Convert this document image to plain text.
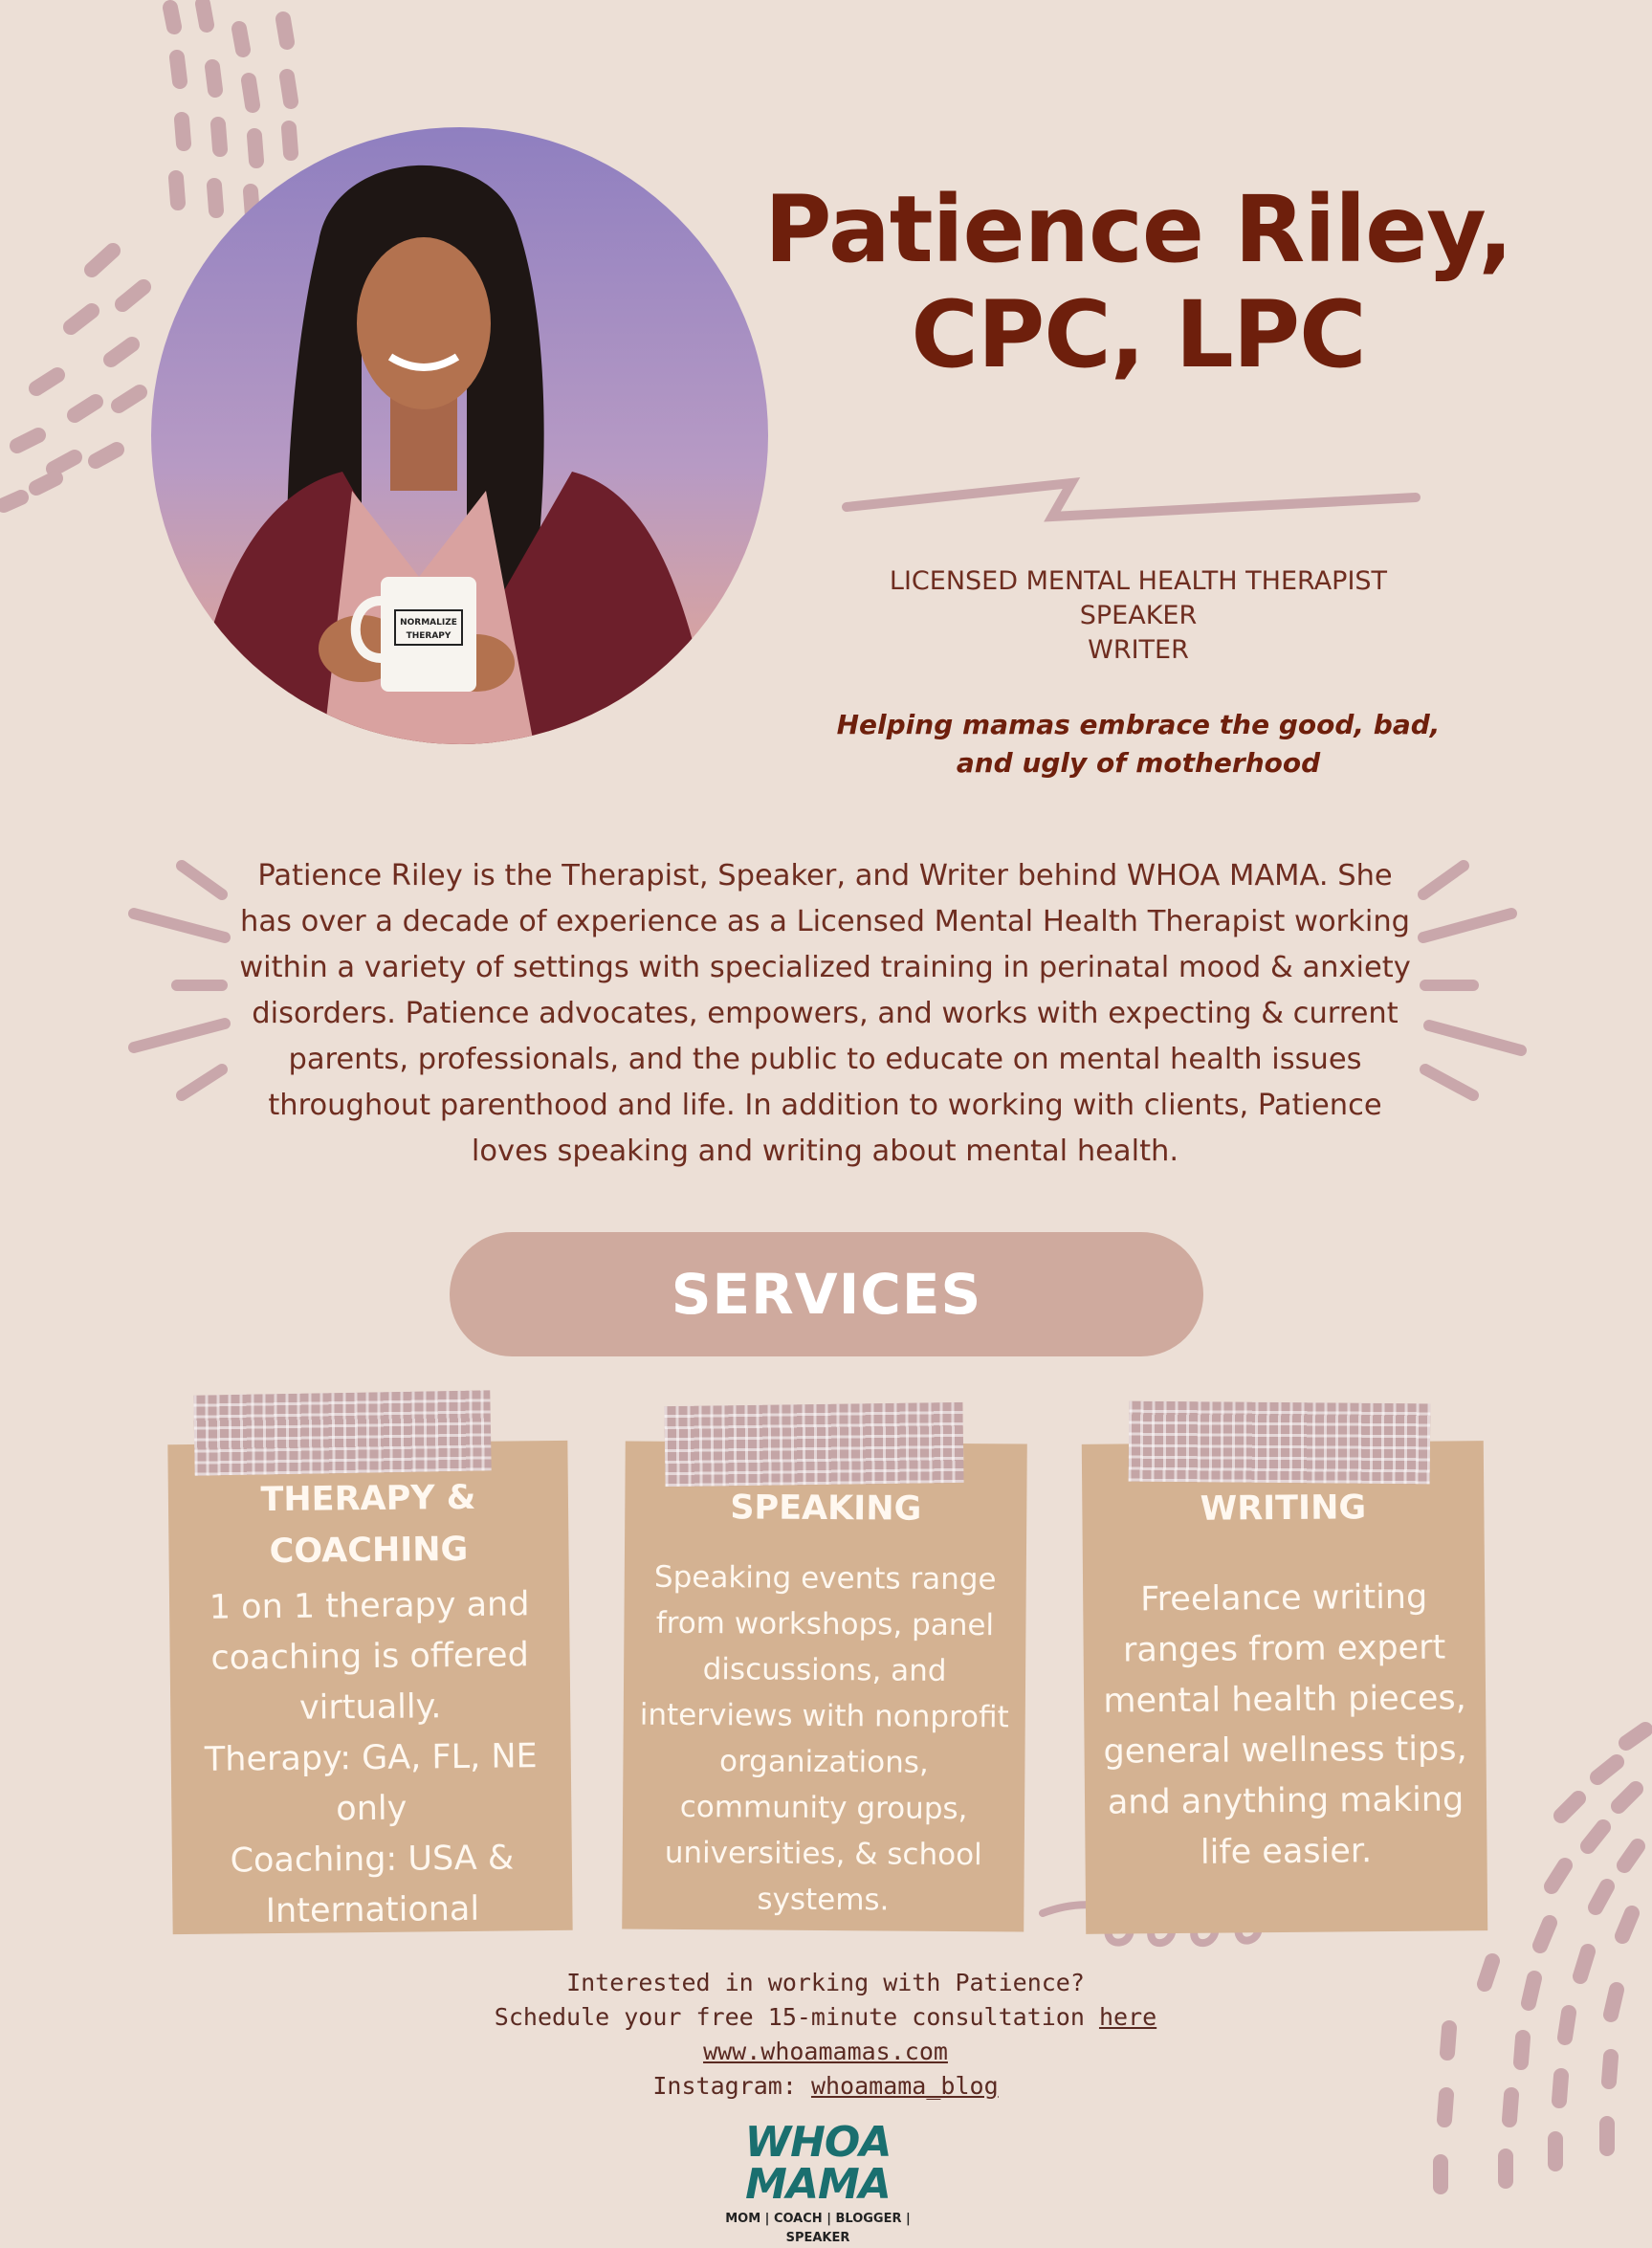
NORMALIZE
THERAPY
Patience Riley,
CPC, LPC
LICENSED MENTAL HEALTH THERAPIST
SPEAKER
WRITER
Helping mamas embrace the good, bad,
and ugly of motherhood
Patience Riley is the Therapist, Speaker, and Writer behind WHOA MAMA. She has over a decade of experience as a Licensed Mental Health Therapist working within a variety of settings with specialized training in perinatal mood & anxiety disorders. Patience advocates, empowers, and works with expecting & current parents, professionals, and the public to educate on mental health issues throughout parenthood and life. In addition to working with clients, Patience loves speaking and writing about mental health.
SERVICES
THERAPY &
COACHING
1 on 1 therapy and
coaching is offered
virtually.
Therapy: GA, FL, NE
only
Coaching: USA &
International
SPEAKING
Speaking events range
from workshops, panel
discussions, and
interviews with nonprofit
organizations,
community groups,
universities, & school
systems.
WRITING
Freelance writing
ranges from expert
mental health pieces,
general wellness tips,
and anything making
life easier.
Interested in working with Patience?
Schedule your free 15-minute consultation here
www.whoamamas.com
Instagram: whoamama_blog
WHOA MAMA
MOM | COACH | BLOGGER | SPEAKER
